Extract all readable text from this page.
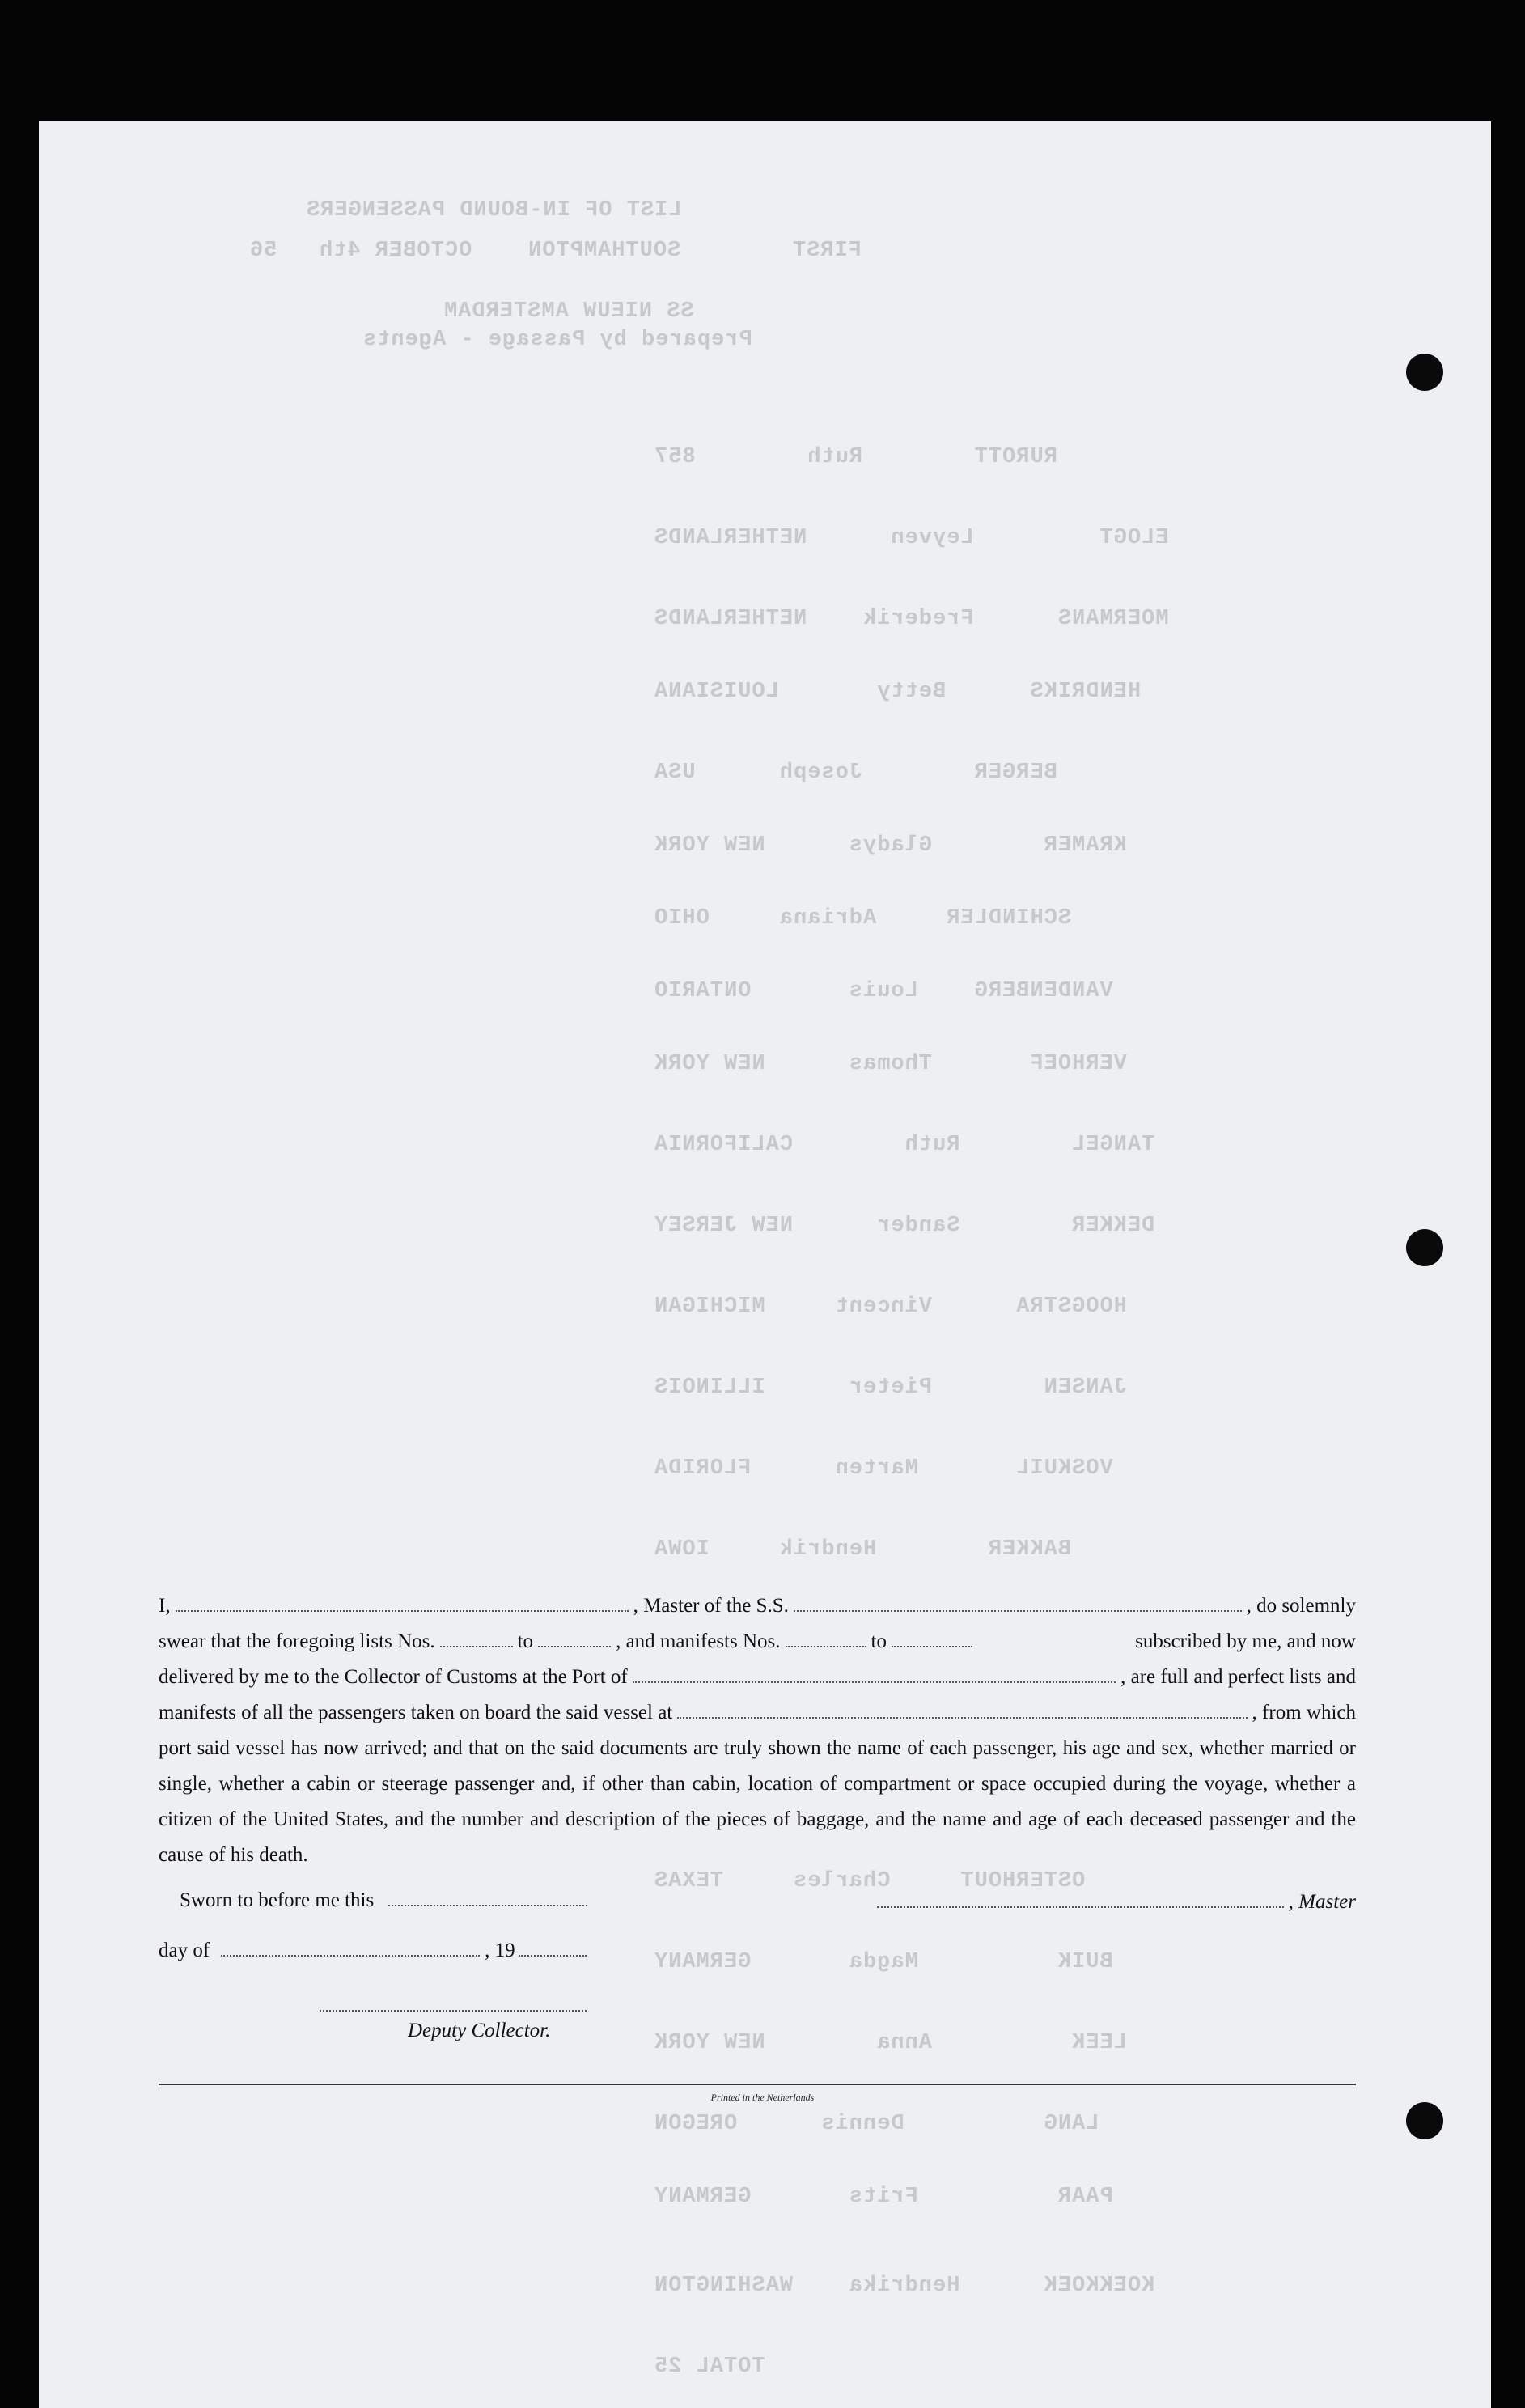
LIST OF IN-BOUND PASSENGERS
FIRST        SOUTHAMPTON    OCTOBER 4th   56
SS NIEUW AMSTERDAM
Prepared by Passage - Agents
RUROTT        Ruth        857
ELOGT         Leyven      NETHERLANDS
MOERMANS      Frederik    NETHERLANDS
HENDRIKS      Betty       LOUISIANA
BERGER        Joseph      USA
KRAMER        Gladys      NEW YORK
SCHINDLER     Adriana     OHIO
VANDENBERG    Louis       ONTARIO
VERHOEF       Thomas      NEW YORK
TANGEL        Ruth        CALIFORNIA
DEKKER        Sander      NEW JERSEY
HOOGSTRA      Vincent     MICHIGAN
JANSEN        Pieter      ILLINOIS
VOSKUIL       Marten      FLORIDA
BAKKER        Hendrik     IOWA
OSTERHOUT     Charles     TEXAS
BUIK          Magda       GERMANY
LEEK          Anna        NEW YORK
LANG          Dennis      OREGON
PAAR          Frits       GERMANY
KOEKKOEK      Hendrika    WASHINGTON
TOTAL 25
I,	, Master of the S.S.	, do solemnly
swear that the foregoing lists Nos.	to	, and manifests Nos.	to	subscribed by me, and now
delivered by me to the Collector of Customs at the Port of	, are full and perfect lists and
manifests of all the passengers taken on board the said vessel at	, from which
port said vessel has now arrived; and that on the said documents are truly shown the name of each passenger, his age and sex, whether married or single, whether a cabin or steerage passenger and, if other than cabin, location of compartment or space occupied during the voyage, whether a citizen of the United States, and the number and description of the pieces of baggage, and the name and age of each deceased passenger and the cause of his death.
Sworn to before me this	, Master
day of	, 19
Deputy Collector.
Printed in the Netherlands
